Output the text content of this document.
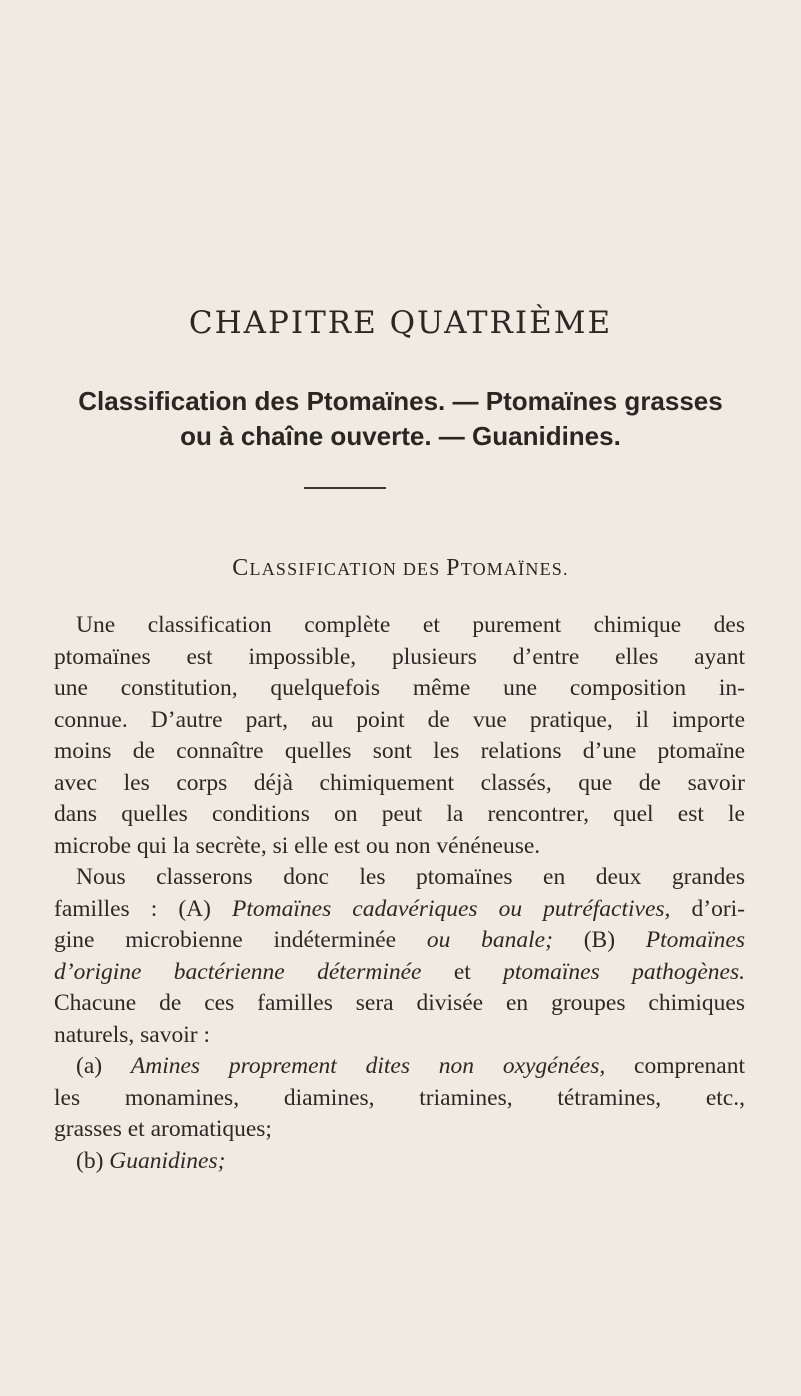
CHAPITRE QUATRIÈME
Classification des Ptomaïnes. — Ptomaïnes grasses
ou à chaîne ouverte. — Guanidines.
CLASSIFICATION DES PTOMAÏNES.
Une classification complète et purement chimique des
ptomaïnes est impossible, plusieurs d’entre elles ayant
une constitution, quelquefois même une composition in-
connue. D’autre part, au point de vue pratique, il importe
moins de connaître quelles sont les relations d’une ptomaïne
avec les corps déjà chimiquement classés, que de savoir
dans quelles conditions on peut la rencontrer, quel est le
microbe qui la secrète, si elle est ou non vénéneuse.
Nous classerons donc les ptomaïnes en deux grandes
familles : (A) Ptomaïnes cadavériques ou putréfactives, d’ori-
gine microbienne indéterminée ou banale; (B) Ptomaïnes
d’origine bactérienne déterminée et ptomaïnes pathogènes.
Chacune de ces familles sera divisée en groupes chimiques
naturels, savoir :
(a) Amines proprement dites non oxygénées, comprenant
les monamines, diamines, triamines, tétramines, etc.,
grasses et aromatiques;
(b) Guanidines;
